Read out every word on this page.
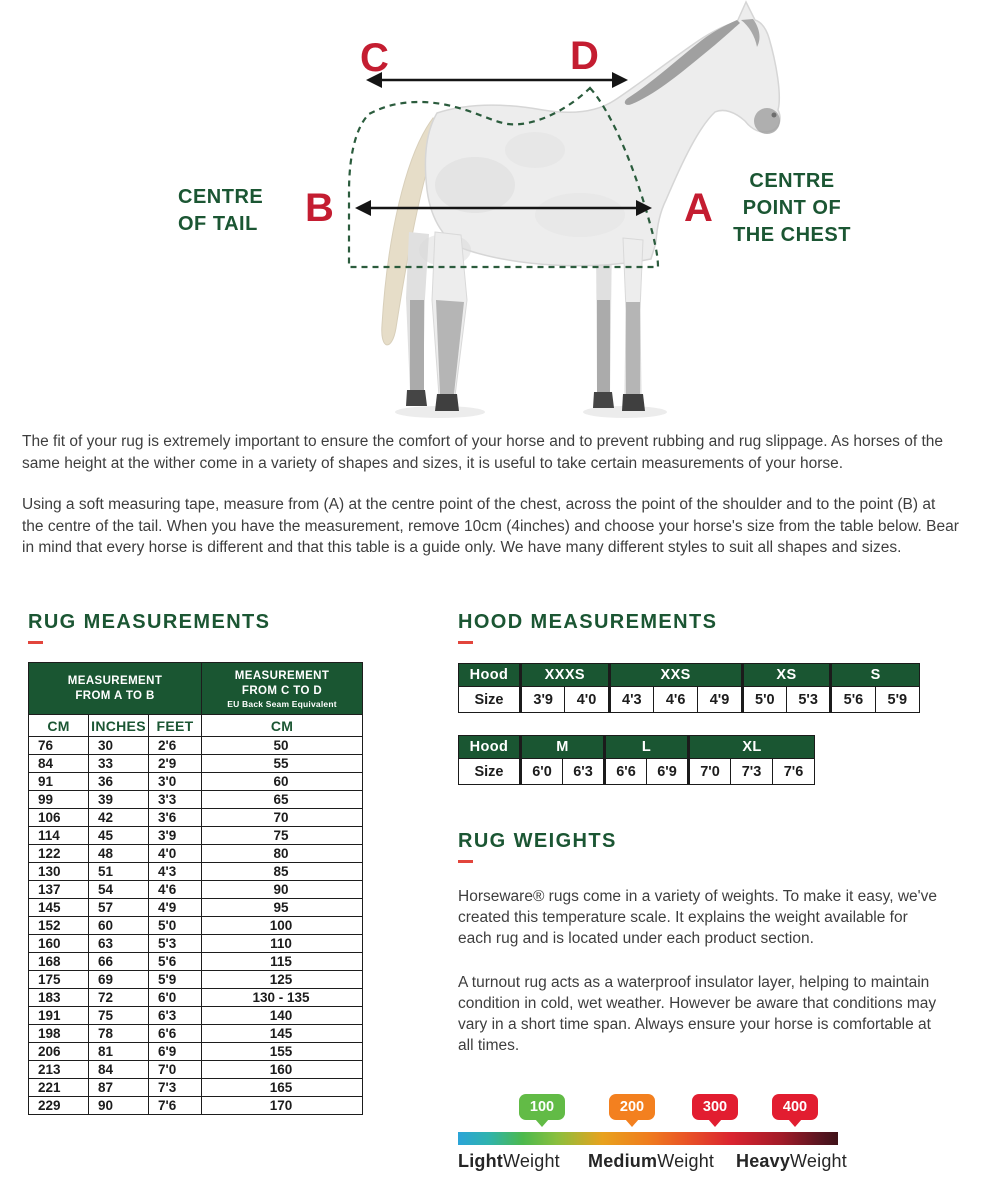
C	D
B	A
CENTRE
OF TAIL
CENTRE
POINT OF
THE CHEST

The fit of your rug is extremely important to ensure the comfort of your horse and to prevent rubbing and rug slippage. As horses of the same height at the wither come in a variety of shapes and sizes, it is useful to take certain measurements of your horse.

Using a soft measuring tape, measure from (A) at the centre point of the chest, across the point of the shoulder and to the point (B) at the centre of the tail. When you have the measurement, remove 10cm (4inches) and choose your horse's size from the table below. Bear in mind that every horse is different and that this table is a guide only. We have many different styles to suit all shapes and sizes.

RUG MEASUREMENTS
MEASUREMENT
FROM A TO B

MEASUREMENT
FROM C TO D
EU Back Seam Equivalent

CM	INCHES	FEET	CM
76	30	2'6	50
84	33	2'9	55
91	36	3'0	60
99	39	3'3	65
106	42	3'6	70
114	45	3'9	75
122	48	4'0	80
130	51	4'3	85
137	54	4'6	90
145	57	4'9	95
152	60	5'0	100
160	63	5'3	110
168	66	5'6	115
175	69	5'9	125
183	72	6'0	130 - 135
191	75	6'3	140
198	78	6'6	145
206	81	6'9	155
213	84	7'0	160
221	87	7'3	165
229	90	7'6	170
HOOD MEASUREMENTS
Hood	XXXS		XXS			XS		S	
Size	3'9	4'0	4'3	4'6	4'9	5'0	5'3	5'6	5'9
Hood	M		L		XL		
Size	6'0	6'3	6'6	6'9	7'0	7'3	7'6
RUG WEIGHTS

Horseware® rugs come in a variety of weights. To make it easy, we've created this temperature scale. It explains the weight available for each rug and is located under each product section.

A turnout rug acts as a waterproof insulator layer, helping to maintain condition in cold, wet weather. However be aware that conditions may vary in a short time span. Always ensure your horse is comfortable at all times.

100	200	300	400
LightWeight MediumWeight HeavyWeight
